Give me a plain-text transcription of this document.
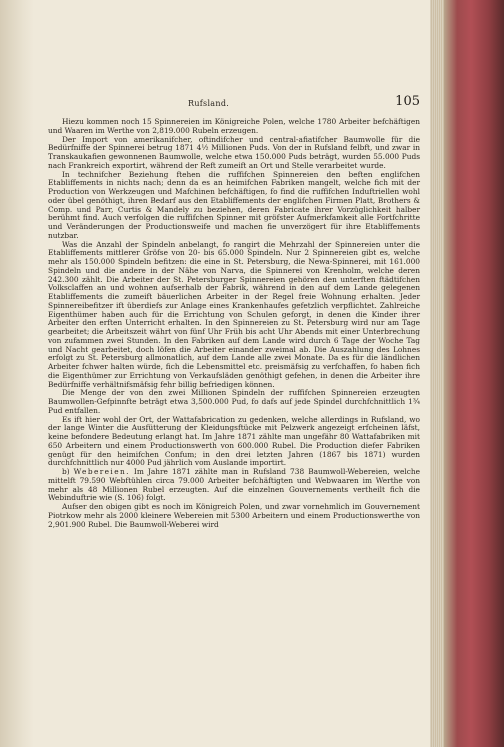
Rufsland.	105

Hiezu kommen noch 15 Spinnereien im Königreiche Polen, welche 1780 Arbeiter befchäftigen und Waaren im Werthe von 2,819.000 Rubeln erzeugen.

Der Import von amerikanifcher, oftindifcher und central-afiatifcher Baumwolle für die Bedürfniffe der Spinnerei betrug 1871 4½ Millionen Puds. Von der in Rufsland felbft, und zwar in Transkaukafien gewonnenen Baumwolle, welche etwa 150.000 Puds beträgt, wurden 55.000 Puds nach Frankreich exportirt, während der Reft zumeift an Ort und Stelle verarbeitet wurde.

In technifcher Beziehung ftehen die ruffifchen Spinnereien den beften englifchen Etabliffements in nichts nach; denn da es an heimifchen Fabriken mangelt, welche fich mit der Production von Werkzeugen und Mafchinen befchäftigen, fo find die ruffifchen Induftriellen wohl oder übel genöthigt, ihren Bedarf aus den Etabliffements der englifchen Firmen Platt, Brothers & Comp. und Parr, Curtis & Mandely zu beziehen, deren Fabricate ihrer Vorzüglichkeit halber berühmt find. Auch verfolgen die ruffifchen Spinner mit gröfster Aufmerkfamkeit alle Fortfchritte und Veränderungen der Productionsweife und machen fie unverzögert für ihre Etabliffements nutzbar.

Was die Anzahl der Spindeln anbelangt, fo rangirt die Mehrzahl der Spinnereien unter die Etabliffements mittlerer Gröfse von 20- bis 65.000 Spindeln. Nur 2 Spinnereien gibt es, welche mehr als 150.000 Spindeln befitzen: die eine in St. Petersburg, die Newa-Spinnerei, mit 161.000 Spindeln und die andere in der Nähe von Narva, die Spinnerei von Krenholm, welche deren 242.300 zählt. Die Arbeiter der St. Petersburger Spinnereien gehören den unterften ftädtifchen Volksclaffen an und wohnen aufserhalb der Fabrik, während in den auf dem Lande gelegenen Etabliffements die zumeift bäuerlichen Arbeiter in der Regel freie Wohnung erhalten. Jeder Spinnereibefitzer ift überdiefs zur Anlage eines Krankenhaufes gefetzlich verpflichtet. Zahlreiche Eigenthümer haben auch für die Errichtung von Schulen geforgt, in denen die Kinder ihrer Arbeiter den erften Unterricht erhalten. In den Spinnereien zu St. Petersburg wird nur am Tage gearbeitet; die Arbeitszeit währt von fünf Uhr Früh bis acht Uhr Abends mit einer Unterbrechung von zufammen zwei Stunden. In den Fabriken auf dem Lande wird durch 6 Tage der Woche Tag und Nacht gearbeitet, doch löfen die Arbeiter einander zweimal ab. Die Auszahlung des Lohnes erfolgt zu St. Petersburg allmonatlich, auf dem Lande alle zwei Monate. Da es für die ländlichen Arbeiter fchwer halten würde, fich die Lebensmittel etc. preismäfsig zu verfchaffen, fo haben fich die Eigenthümer zur Errichtung von Verkaufsläden genöthigt gefehen, in denen die Arbeiter ihre Bedürfniffe verhältnifsmäfsig fehr billig befriedigen können.

Die Menge der von den zwei Millionen Spindeln der ruffifchen Spinnereien erzeugten Baumwollen-Gefpinnfte beträgt etwa 3,500.000 Pud, fo dafs auf jede Spindel durchfchnittlich 1¾ Pud entfallen.

Es ift hier wohl der Ort, der Wattafabrication zu gedenken, welche allerdings in Rufsland, wo der lange Winter die Ausfütterung der Kleidungsftücke mit Pelzwerk angezeigt erfcheinen läfst, keine befondere Bedeutung erlangt hat. Im Jahre 1871 zählte man ungefähr 80 Wattafabriken mit 650 Arbeitern und einem Productionswerth von 600.000 Rubel. Die Production diefer Fabriken genügt für den heimifchen Confum; in den drei letzten Jahren (1867 bis 1871) wurden durchfchnittlich nur 4000 Pud jährlich vom Auslande importirt.

b) Webereien. Im Jahre 1871 zählte man in Rufsland 738 Baumwoll-Webereien, welche mittelft 79.590 Webftühlen circa 79.000 Arbeiter befchäftigten und Webwaaren im Werthe von mehr als 48 Millionen Rubel erzeugten. Auf die einzelnen Gouvernements vertheilt fich die Webinduftrie wie (S. 106) folgt.

Aufser den obigen gibt es noch im Königreich Polen, und zwar vornehmlich im Gouvernement Piotrkow mehr als 2000 kleinere Webereien mit 5300 Arbeitern und einem Productionswerthe von 2,901.900 Rubel. Die Baumwoll-Weberei wird
